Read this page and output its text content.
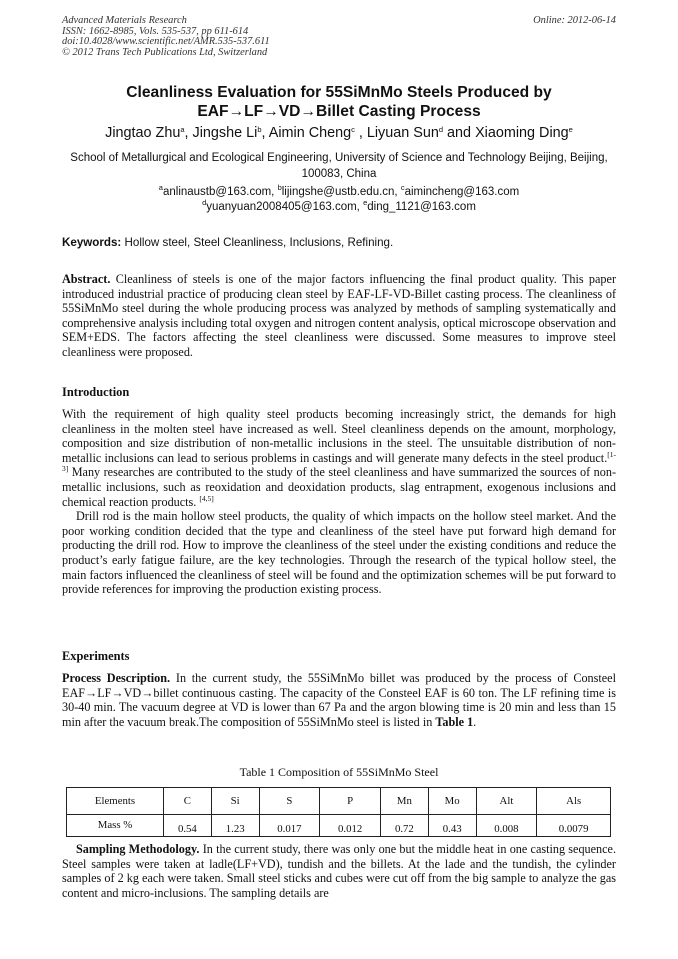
Advanced Materials Research
ISSN: 1662-8985, Vols. 535-537, pp 611-614
doi:10.4028/www.scientific.net/AMR.535-537.611
© 2012 Trans Tech Publications Ltd, Switzerland
Online: 2012-06-14
Cleanliness Evaluation for 55SiMnMo Steels Produced by
EAF→LF→VD→Billet Casting Process
Jingtao Zhu$^a$, Jingshe Li$^b$, Aimin Cheng$^c$ , Liyuan Sun$^d$ and Xiaoming Ding$^e$
School of Metallurgical and Ecological Engineering, University of Science and Technology Beijing, Beijing, 100083, China
$^a$anlinaustb@163.com, $^b$lijingshe@ustb.edu.cn, $^c$aimincheng@163.com
$^d$yuanyuan2008405@163.com, $^e$ding_1121@163.com
Keywords: Hollow steel, Steel Cleanliness, Inclusions, Refining.
Abstract. Cleanliness of steels is one of the major factors influencing the final product quality. This paper introduced industrial practice of producing clean steel by EAF-LF-VD-Billet casting process. The cleanliness of 55SiMnMo steel during the whole producing process was analyzed by methods of sampling systematically and comprehensive analysis including total oxygen and nitrogen content analysis, optical microscope observation and SEM+EDS. The factors affecting the steel cleanliness were discussed. Some measures to improve steel cleanliness were proposed.
Introduction
With the requirement of high quality steel products becoming increasingly strict, the demands for high cleanliness in the molten steel have increased as well. Steel cleanliness depends on the amount, morphology, composition and size distribution of non-metallic inclusions in the steel. The unsuitable distribution of non-metallic inclusions can lead to serious problems in castings and will generate many defects in the steel product.[1-3] Many researches are contributed to the study of the steel cleanliness and have summarized the sources of non-metallic inclusions, such as reoxidation and deoxidation products, slag entrapment, exogenous inclusions and chemical reaction products. [4,5]
Drill rod is the main hollow steel products, the quality of which impacts on the hollow steel market. And the poor working condition decided that the type and cleanliness of the steel have put forward high demand for producting the drill rod. How to improve the cleanliness of the steel under the existing conditions and reduce the product’s early fatigue failure, are the key technologies. Through the research of the typical hollow steel, the main factors influenced the cleanliness of steel will be found and the optimization schemes will be put forward to provide references for improving the production existing process.
Experiments
Process Description. In the current study, the 55SiMnMo billet was produced by the process of Consteel EAF→LF→VD→billet continuous casting. The capacity of the Consteel EAF is 60 ton. The LF refining time is 30-40 min. The vacuum degree at VD is lower than 67 Pa and the argon blowing time is 20 min and less than 15 min after the vacuum break.The composition of 55SiMnMo steel is listed in Table 1.
Table 1 Composition of 55SiMnMo Steel
Elements	C	Si	S	P	Mn	Mo	Alt	Als
Mass %	0.54	1.23	0.017	0.012	0.72	0.43	0.008	0.0079
Sampling Methodology. In the current study, there was only one but the middle heat in one casting sequence. Steel samples were taken at ladle(LF+VD), tundish and the billets. At the lade and the tundish, the cylinder samples of 2 kg each were taken. Small steel sticks and cubes were cut off from the big sample to analyze the gas content and micro-inclusions. The sampling details are
